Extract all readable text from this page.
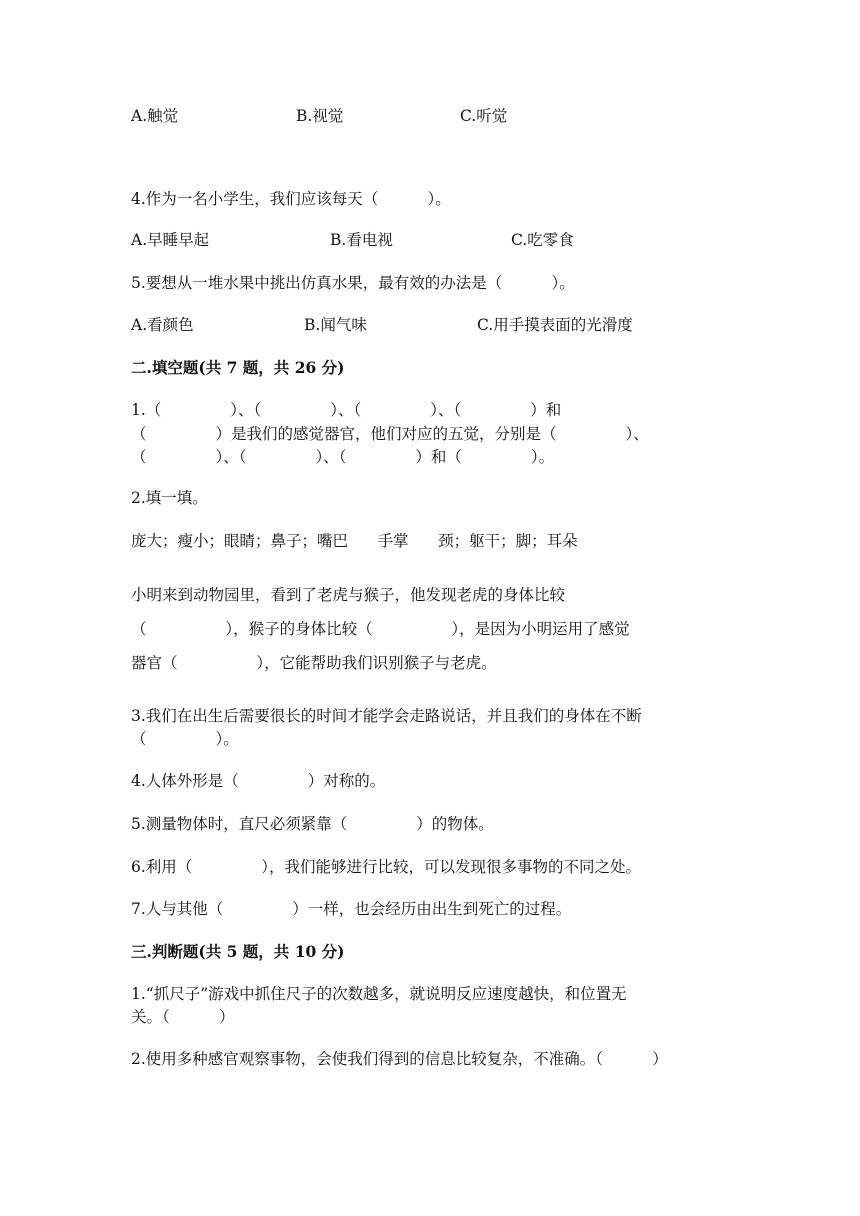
A.触觉	B.视觉	C.听觉
4.作为一名小学生，我们应该每天（          ）。
A.早睡早起	B.看电视	C.吃零食
5.要想从一堆水果中挑出仿真水果，最有效的办法是（          ）。
A.看颜色	B.闻气味	C.用手摸表面的光滑度
二.填空题(共 7 题，共 26 分)
1.（              ）、（              ）、（              ）、（              ）和
（              ）是我们的感觉器官，他们对应的五觉，分别是（              ）、
（              ）、（              ）、（              ）和（              ）。
2.填一填。
庞大；瘦小；眼睛；鼻子；嘴巴      手掌      颈；躯干；脚；耳朵
小明来到动物园里，看到了老虎与猴子，他发现老虎的身体比较
（                ），猴子的身体比较（                ），是因为小明运用了感觉
器官（                ），它能帮助我们识别猴子与老虎。
3.我们在出生后需要很长的时间才能学会走路说话，并且我们的身体在不断
（              ）。
4.人体外形是（              ）对称的。
5.测量物体时，直尺必须紧靠（              ）的物体。
6.利用（              ），我们能够进行比较，可以发现很多事物的不同之处。
7.人与其他（              ）一样，也会经历由出生到死亡的过程。
三.判断题(共 5 题，共 10 分)
1.“抓尺子”游戏中抓住尺子的次数越多，就说明反应速度越快，和位置无
关。（          ）
2.使用多种感官观察事物，会使我们得到的信息比较复杂，不准确。（          ）
